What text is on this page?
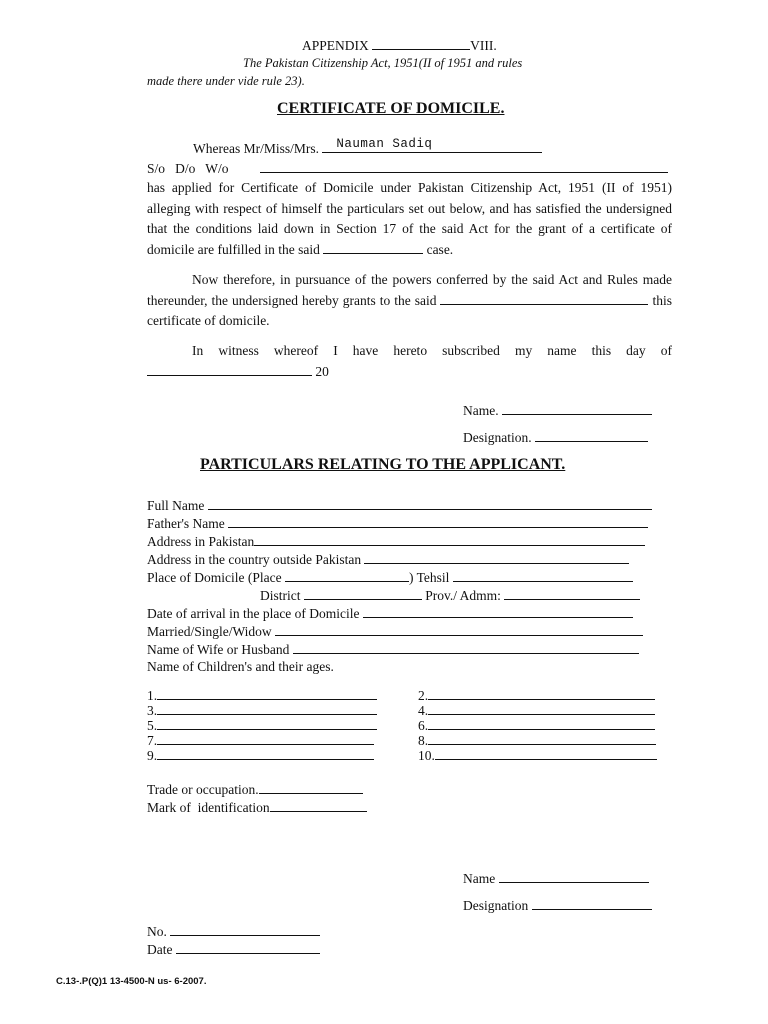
APPENDIX	VIII.
The Pakistan Citizenship Act, 1951(II of 1951 and rules
made there under vide rule 23).
CERTIFICATE OF DOMICILE.
Whereas Mr/Miss/Mrs. Nauman Sadiq
S/o   D/o   W/o
has applied for Certificate of Domicile under Pakistan Citizenship Act, 1951 (II of 1951) alleging with respect of himself the particulars set out below, and has satisfied the undersigned that the conditions laid down in Section 17 of the said Act for the grant of a certificate of domicile are fulfilled in the said	case.
Now therefore, in pursuance of the powers conferred by the said Act and Rules made thereunder, the undersigned hereby grants to the said	this certificate of domicile.
In witness whereof I have hereto subscribed my name this day of  20
Name.
Designation.
PARTICULARS RELATING TO THE APPLICANT.
Full Name
Father's Name
Address in Pakistan
Address in the country outside Pakistan
Place of Domicile (Place	) Tehsil
District	Prov./ Admm:
Date of arrival in the place of Domicile
Married/Single/Widow
Name of Wife or Husband
Name of Children's and their ages.
1.	2.
3.	4.
5.	6.
7.	8.
9.	10.
Trade or occupation.
Mark of  identification
Name
Designation
No.
Date
C.13-.P(Q)1 13-4500-N us- 6-2007.
